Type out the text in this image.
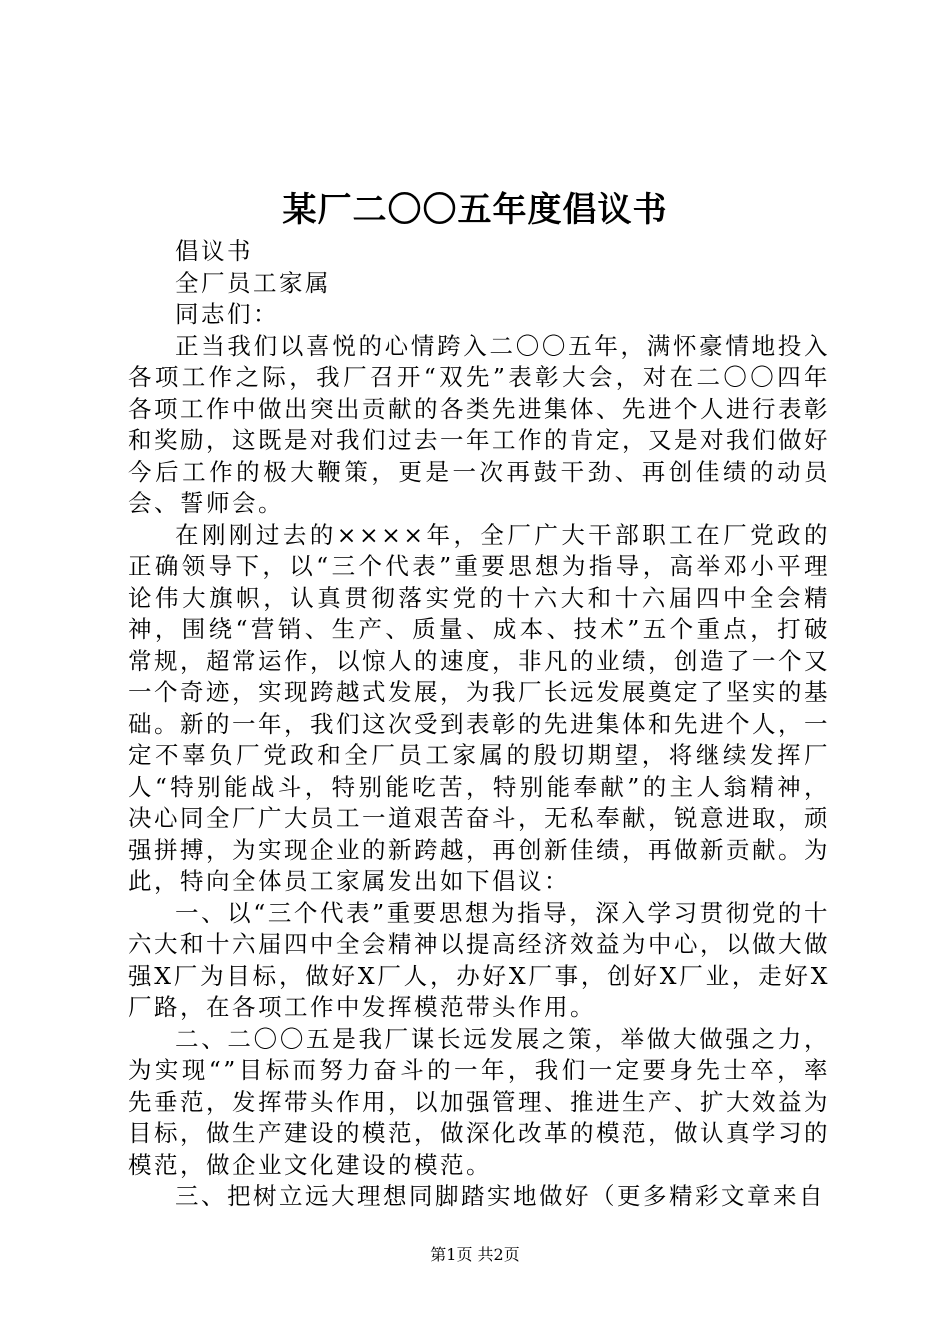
某厂二〇〇五年度倡议书

倡议书

全厂员工家属

同志们：

正当我们以喜悦的心情跨入二〇〇五年，满怀豪情地投入各项工作之际，我厂召开“双先”表彰大会，对在二〇〇四年各项工作中做出突出贡献的各类先进集体、先进个人进行表彰和奖励，这既是对我们过去一年工作的肯定，又是对我们做好今后工作的极大鞭策，更是一次再鼓干劲、再创佳绩的动员会、誓师会。

在刚刚过去的××××年，全厂广大干部职工在厂党政的正确领导下，以“三个代表”重要思想为指导，高举邓小平理论伟大旗帜，认真贯彻落实党的十六大和十六届四中全会精神，围绕“营销、生产、质量、成本、技术”五个重点，打破常规，超常运作，以惊人的速度，非凡的业绩，创造了一个又一个奇迹，实现跨越式发展，为我厂长远发展奠定了坚实的基础。新的一年，我们这次受到表彰的先进集体和先进个人，一定不辜负厂党政和全厂员工家属的殷切期望，将继续发挥厂人“特别能战斗，特别能吃苦，特别能奉献”的主人翁精神，决心同全厂广大员工一道艰苦奋斗，无私奉献，锐意进取，顽强拼搏，为实现企业的新跨越，再创新佳绩，再做新贡献。为此，特向全体员工家属发出如下倡议：

一、以“三个代表”重要思想为指导，深入学习贯彻党的十六大和十六届四中全会精神以提高经济效益为中心，以做大做强X厂为目标，做好X厂人，办好X厂事，创好X厂业，走好X厂路，在各项工作中发挥模范带头作用。

二、二〇〇五是我厂谋长远发展之策，举做大做强之力，为实现“”目标而努力奋斗的一年，我们一定要身先士卒，率先垂范，发挥带头作用，以加强管理、推进生产、扩大效益为目标，做生产建设的模范，做深化改革的模范，做认真学习的模范，做企业文化建设的模范。

三、把树立远大理想同脚踏实地做好（更多精彩文章来自

第1页 共2页
